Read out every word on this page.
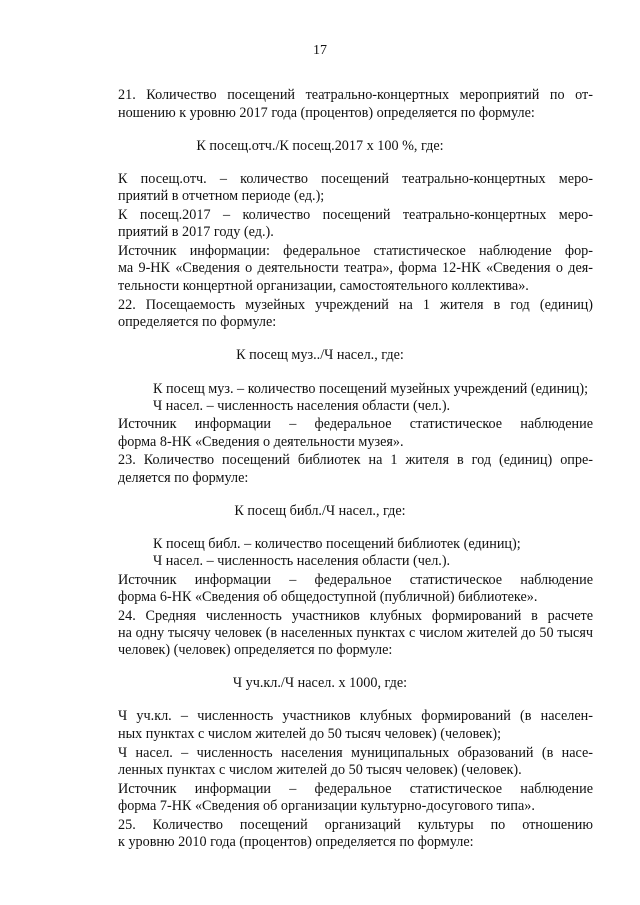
17
21. Количество посещений театрально-концертных мероприятий по от-
ношению к уровню 2017 года (процентов) определяется по формуле:
К посещ.отч./К посещ.2017 x 100 %, где:
К посещ.отч. – количество посещений театрально-концертных меро-
приятий в отчетном периоде (ед.);
К посещ.2017 – количество посещений театрально-концертных меро-
приятий в 2017 году (ед.).
Источник информации: федеральное статистическое наблюдение фор-
ма 9-НК «Сведения о деятельности театра», форма 12-НК «Сведения о дея-
тельности концертной организации, самостоятельного коллектива».
22. Посещаемость музейных учреждений на 1 жителя в год (единиц)
определяется по формуле:
К посещ муз../Ч насел., где:
К посещ муз. – количество посещений музейных учреждений (единиц);
Ч насел. – численность населения области (чел.).
Источник информации – федеральное статистическое наблюдение
форма 8-НК «Сведения о деятельности музея».
23. Количество посещений библиотек на 1 жителя в год (единиц) опре-
деляется по формуле:
К посещ библ./Ч насел., где:
К посещ библ. – количество посещений библиотек (единиц);
Ч насел. – численность населения области (чел.).
Источник информации – федеральное статистическое наблюдение
форма 6-НК «Сведения об общедоступной (публичной) библиотеке».
24. Средняя численность участников клубных формирований в расчете
на одну тысячу человек (в населенных пунктах с числом жителей до 50 тысяч
человек) (человек) определяется по формуле:
Ч уч.кл./Ч насел. x 1000, где:
Ч уч.кл. – численность участников клубных формирований (в населен-
ных пунктах с числом жителей до 50 тысяч человек) (человек);
Ч насел. – численность населения муниципальных образований (в насе-
ленных пунктах с числом жителей до 50 тысяч человек) (человек).
Источник информации – федеральное статистическое наблюдение
форма 7-НК «Сведения об организации культурно-досугового типа».
25. Количество посещений организаций культуры по отношению
к уровню 2010 года (процентов) определяется по формуле:
